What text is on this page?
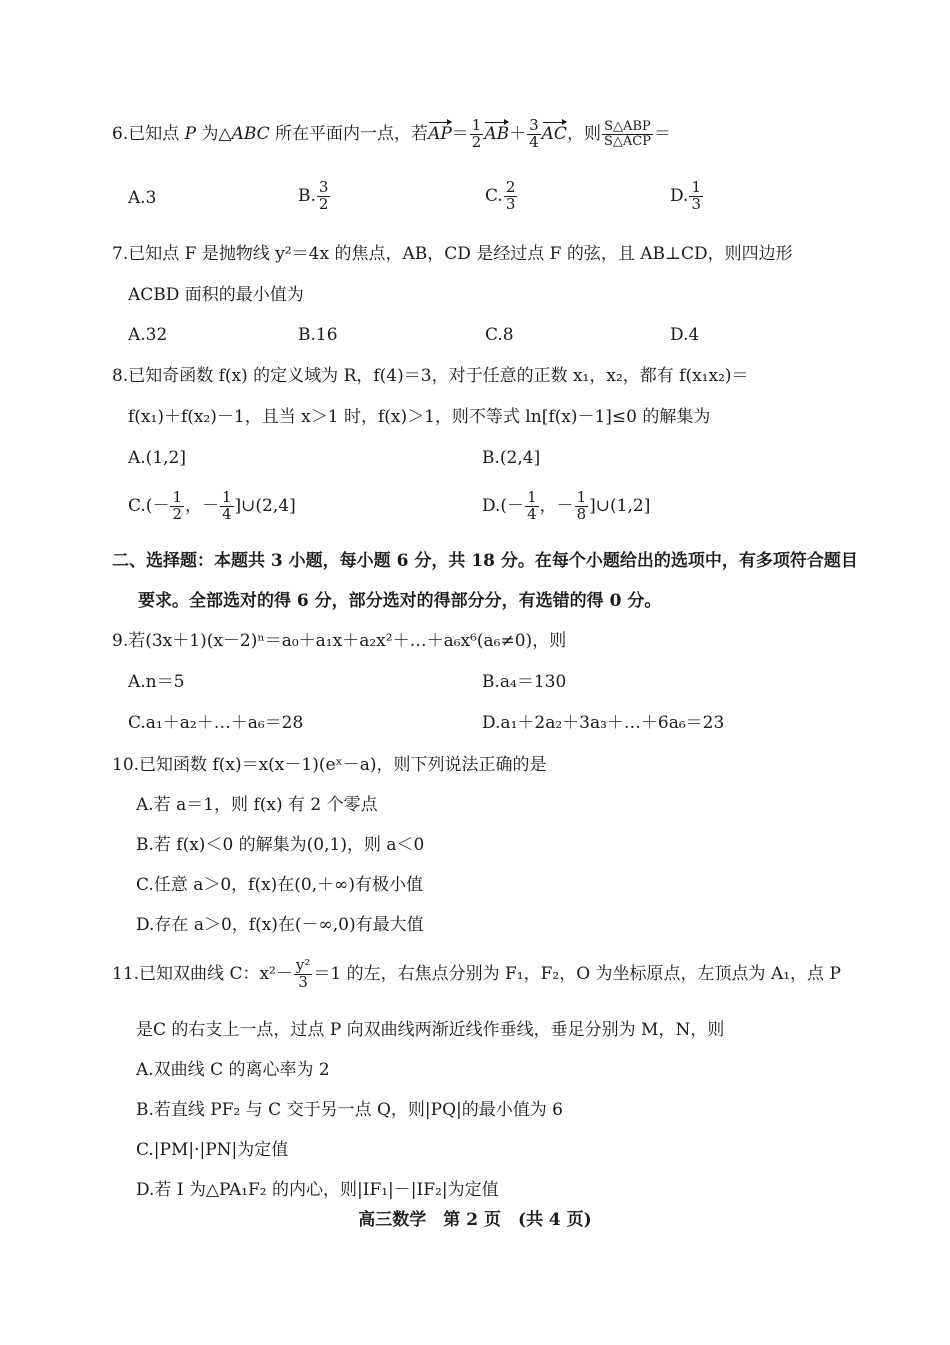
6.已知点 P 为△ABC 所在平面内一点，若$AP= \frac{1}{2} AB+ \frac{3}{4}$ AC，则 $\frac{\text{S△ABP}}{\text{S△ACP}}$ ＝
A.3	B. $\frac{3}{2}$	C. $\frac{2}{3}$	D. $\frac{1}{3}$
7.已知点 F 是抛物线 y²＝4x 的焦点，AB，CD 是经过点 F 的弦，且 AB⊥CD，则四边形
ACBD 面积的最小值为
A.32	B.16	C.8	D.4
8.已知奇函数 f(x) 的定义域为 R，f(4)＝3，对于任意的正数 x₁，x₂，都有 f(x₁x₂)＝
f(x₁)＋f(x₂)－1，且当 x＞1 时，f(x)＞1，则不等式 ln[f(x)－1]≤0 的解集为
A.(1,2]	B.(2,4]
$C.(- \frac{1}{2}$ ，－ $\frac{1}{4}$ ]∪(2,4]	$D.(- \frac{1}{4}$ ，－ $\frac{1}{8}$ ]∪(1,2]
二、选择题：本题共 3 小题，每小题 6 分，共 18 分。在每个小题给出的选项中，有多项符合题目
要求。全部选对的得 6 分，部分选对的得部分分，有选错的得 0 分。
9.若(3x＋1)(x－2)ⁿ＝a₀＋a₁x＋a₂x²＋…＋a₆x⁶(a₆≠0)，则
A.n＝5	B.a₄＝130
C.a₁＋a₂＋…＋a₆＝28	D.a₁＋2a₂＋3a₃＋…＋6a₆＝23
10.已知函数 f(x)＝x(x－1)(eˣ－a)，则下列说法正确的是
A.若 a＝1，则 f(x) 有 2 个零点
B.若 f(x)＜0 的解集为(0,1)，则 a＜0
C.任意 a＞0，f(x)在(0,＋∞)有极小值
D.存在 a＞0，f(x)在(－∞,0)有最大值
11.已知双曲线 C：$x^2- \frac{\text{y²}}{3} =1$ 的左，右焦点分别为 F₁，F₂，O 为坐标原点，左顶点为 A₁，点 P
是C 的右支上一点，过点 P 向双曲线两渐近线作垂线，垂足分别为 M，N，则
A.双曲线 C 的离心率为 2
B.若直线 PF₂ 与 C 交于另一点 Q，则|PQ|的最小值为 6
C.|PM|·|PN|为定值
D.若 I 为△PA₁F₂ 的内心，则|IF₁|－|IF₂|为定值
高三数学　第 2 页　(共 4 页)
